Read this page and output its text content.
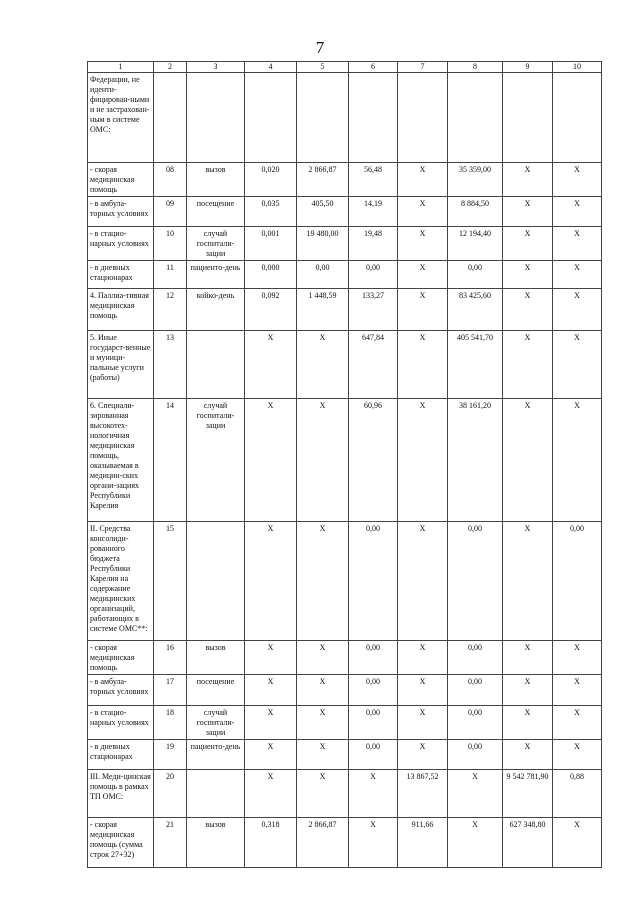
7
1	2	3	4	5	6	7	8	9	10
Федерации, не иденти-фицирован-ными и не застрахован-ным в системе ОМС:									
- скорая медицинская помощь	08	вызов	0,020	2 866,87	56,48	X	35 359,00	X	X
- в амбула-торных условиях	09	посещение	0,035	405,50	14,19	X	8 884,50	X	X
- в стацио-нарных условиях	10	случай госпитали-зации	0,001	19 480,00	19,48	X	12 194,40	X	X
- в дневных стационарах	11	пациенто-день	0,000	0,00	0,00	X	0,00	X	X
4. Паллиа-тивная медицинская помощь	12	койко-день	0,092	1 448,59	133,27	X	83 425,60	X	X
5. Иные государст-венные и муници-пальные услуги (работы)	13		X	X	647,84	X	405 541,70	X	X
6. Специали-зированная высокотех-нологичная медицинская помощь, оказываемая в медицин-ских органи-зациях Республики Карелия	14	случай госпитали-зации	X	X	60,96	X	38 161,20	X	X
II. Средства консолиди-рованного бюджета Республики Карелия на содержание медицинских организаций, работающих в системе ОМС**:	15		X	X	0,00	X	0,00	X	0,00
- скорая медицинская помощь	16	вызов	X	X	0,00	X	0,00	X	X
- в амбула-торных условиях	17	посещение	X	X	0,00	X	0,00	X	X
- в стацио-нарных условиях	18	случай госпитали-зации	X	X	0,00	X	0,00	X	X
- в дневных стационарах	19	пациенто-день	X	X	0,00	X	0,00	X	X
III. Меди-цинская помощь в рамках ТП ОМС:	20		X	X	X	13 867,52	X	9 542 781,90	0,88
- скорая медицинская помощь (сумма строк 27+32)	21	вызов	0,318	2 866,87	X	911,66	X	627 348,80	X
